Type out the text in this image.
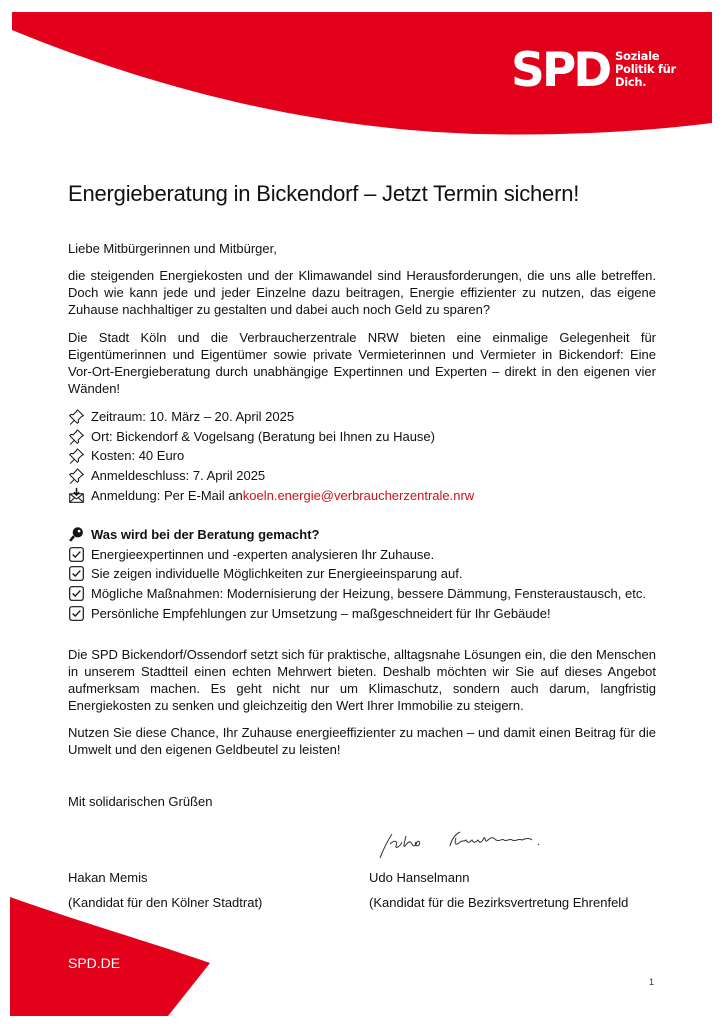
SPD Soziale
Politik für
Dich.
Energieberatung in Bickendorf – Jetzt Termin sichern!

Liebe Mitbürgerinnen und Mitbürger,

die steigenden Energiekosten und der Klimawandel sind Herausforderungen, die uns alle betreffen. Doch wie kann jede und jeder Einzelne dazu beitragen, Energie effizienter zu nutzen, das eigene Zuhause nachhaltiger zu gestalten und dabei auch noch Geld zu sparen?

Die Stadt Köln und die Verbraucherzentrale NRW bieten eine einmalige Gelegenheit für Eigentümerinnen und Eigentümer sowie private Vermieterinnen und Vermieter in Bickendorf: Eine Vor-Ort-Energieberatung durch unabhängige Expertinnen und Experten – direkt in den eigenen vier Wänden!

Zeitraum: 10. März – 20. April 2025
Ort: Bickendorf & Vogelsang (Beratung bei Ihnen zu Hause)
Kosten: 40 Euro
Anmeldeschluss: 7. April 2025
Anmeldung: Per E-Mail an koeln.energie@verbraucherzentrale.nrw
Was wird bei der Beratung gemacht?
Energieexpertinnen und -experten analysieren Ihr Zuhause.
Sie zeigen individuelle Möglichkeiten zur Energieeinsparung auf.
Mögliche Maßnahmen: Modernisierung der Heizung, bessere Dämmung, Fensteraustausch, etc.
Persönliche Empfehlungen zur Umsetzung – maßgeschneidert für Ihr Gebäude!

Die SPD Bickendorf/Ossendorf setzt sich für praktische, alltagsnahe Lösungen ein, die den Menschen in unserem Stadtteil einen echten Mehrwert bieten. Deshalb möchten wir Sie auf dieses Angebot aufmerksam machen. Es geht nicht nur um Klimaschutz, sondern auch darum, langfristig Energiekosten zu senken und gleichzeitig den Wert Ihrer Immobilie zu steigern.

Nutzen Sie diese Chance, Ihr Zuhause energieeffizienter zu machen – und damit einen Beitrag für die Umwelt und den eigenen Geldbeutel zu leisten!

Mit solidarischen Grüßen

Hakan Memis
(Kandidat für den Kölner Stadtrat)
Udo Hanselmann
(Kandidat für die Bezirksvertretung Ehrenfeld
SPD.DE
1
